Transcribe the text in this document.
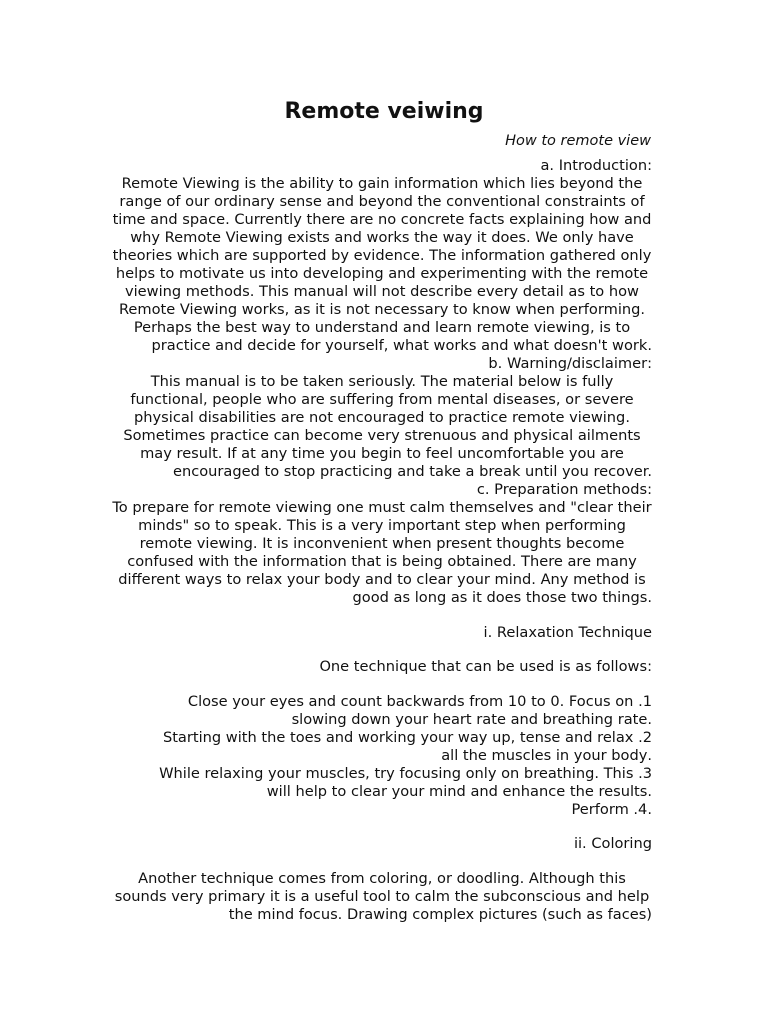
Remote veiwing

How to remote view

:a. Introduction

Remote Viewing is the ability to gain information which lies beyond the range of our ordinary sense and beyond the conventional constraints of time and space. Currently there are no concrete facts explaining how and why Remote Viewing exists and works the way it does. We only have theories which are supported by evidence. The information gathered only helps to motivate us into developing and experimenting with the remote viewing methods. This manual will not describe every detail as to how Remote Viewing works, as it is not necessary to know when performing. Perhaps the best way to understand and learn remote viewing, is to practice and decide for yourself, what works and what doesn't work.

:b. Warning/disclaimer

This manual is to be taken seriously. The material below is fully functional, people who are suffering from mental diseases, or severe physical disabilities are not encouraged to practice remote viewing. Sometimes practice can become very strenuous and physical ailments may result. If at any time you begin to feel uncomfortable you are encouraged to stop practicing and take a break until you recover.

:c. Preparation methods

To prepare for remote viewing one must calm themselves and "clear their minds" so to speak. This is a very important step when performing remote viewing. It is inconvenient when present thoughts become confused with the information that is being obtained. There are many different ways to relax your body and to clear your mind. Any method is good as long as it does those two things.

i. Relaxation Technique

:One technique that can be used is as follows

Close your eyes and count backwards from 10 to 0. Focus on .1

.slowing down your heart rate and breathing rate

Starting with the toes and working your way up, tense and relax .2

.all the muscles in your body

While relaxing your muscles, try focusing only on breathing. This .3

.will help to clear your mind and enhance the results

.Perform .4

ii. Coloring

Another technique comes from coloring, or doodling. Although this sounds very primary it is a useful tool to calm the subconscious and help the mind focus. Drawing complex pictures (such as faces)
